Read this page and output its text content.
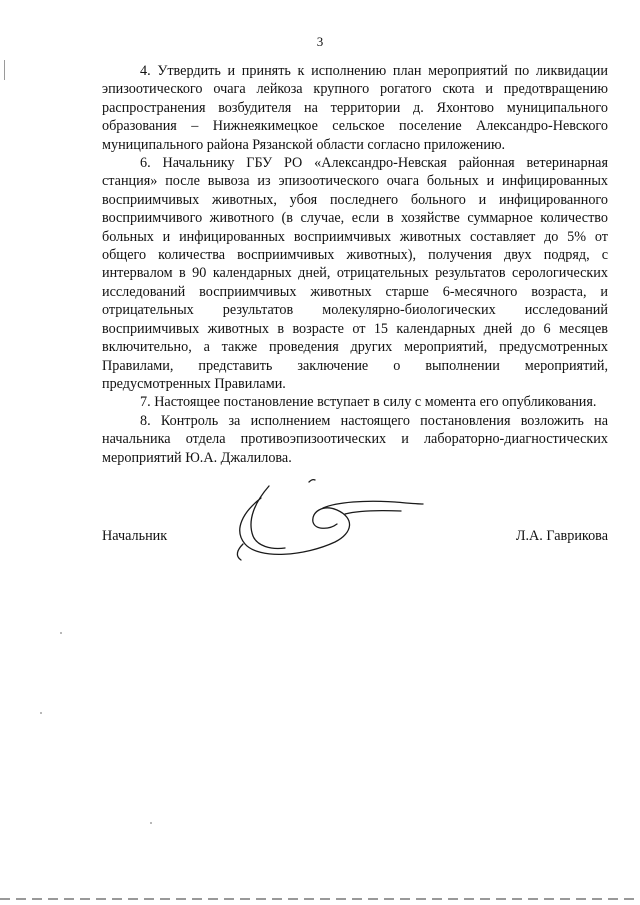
3

4. Утвердить и принять к исполнению план мероприятий по ликвидации эпизоотического очага лейкоза крупного рогатого скота и предотвращению распространения возбудителя на территории д. Яхонтово муниципального образования – Нижнеякимецкое сельское поселение Александро-Невского муниципального района Рязанской области согласно приложению.

6. Начальнику ГБУ РО «Александро-Невская районная ветеринарная станция» после вывоза из эпизоотического очага больных и инфицированных восприимчивых животных, убоя последнего больного и инфицированного восприимчивого животного (в случае, если в хозяйстве суммарное количество больных и инфицированных восприимчивых животных составляет до 5% от общего количества восприимчивых животных), получения двух подряд, с интервалом в 90 календарных дней, отрицательных результатов серологических исследований восприимчивых животных старше 6-месячного возраста, и отрицательных результатов молекулярно-биологических исследований восприимчивых животных в возрасте от 15 календарных дней до 6 месяцев включительно, а также проведения других мероприятий, предусмотренных Правилами, представить заключение о выполнении мероприятий, предусмотренных Правилами.

7. Настоящее постановление вступает в силу с момента его опубликования.

8. Контроль за исполнением настоящего постановления возложить на начальника отдела противоэпизоотических и лабораторно-диагностических мероприятий Ю.А. Джалилова.

Начальник	Л.А. Гаврикова
